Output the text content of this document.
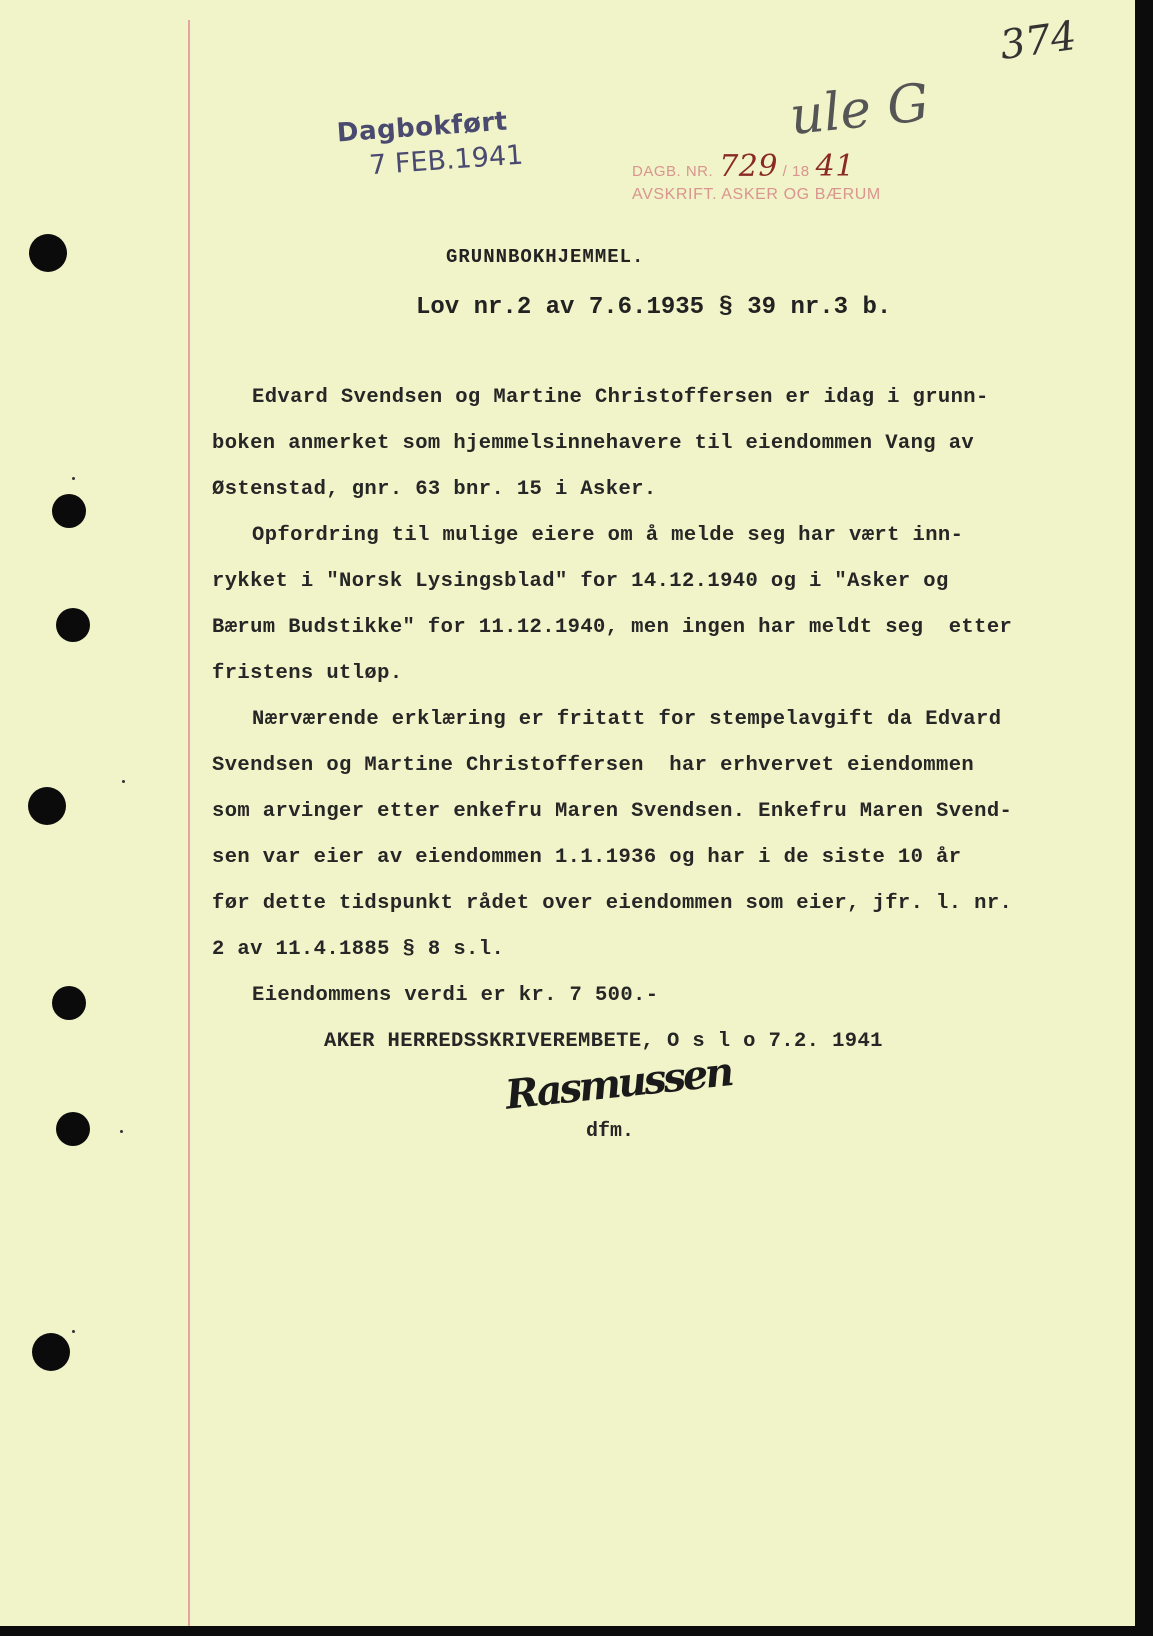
374
ule G
Dagbokført
7 FEB.1941	DAGB. NR. 729 / 18 41
AVSKRIFT. ASKER OG BÆRUM
GRUNNBOKHJEMMEL.
Lov nr.2 av 7.6.1935 § 39 nr.3 b.
Edvard Svendsen og Martine Christoffersen er idag i grunn-
boken anmerket som hjemmelsinnehavere til eiendommen Vang av
Østenstad, gnr. 63 bnr. 15 i Asker.
Opfordring til mulige eiere om å melde seg har vært inn-
rykket i "Norsk Lysingsblad" for 14.12.1940 og i "Asker og
Bærum Budstikke" for 11.12.1940, men ingen har meldt seg  etter
fristens utløp.
Nærværende erklæring er fritatt for stempelavgift da Edvard
Svendsen og Martine Christoffersen  har erhvervet eiendommen
som arvinger etter enkefru Maren Svendsen. Enkefru Maren Svend-
sen var eier av eiendommen 1.1.1936 og har i de siste 10 år
før dette tidspunkt rådet over eiendommen som eier, jfr. l. nr.
2 av 11.4.1885 § 8 s.l.
Eiendommens verdi er kr. 7 500.-
AKER HERREDSSKRIVEREMBETE, O s l o 7.2. 1941
Rasmussen
dfm.
